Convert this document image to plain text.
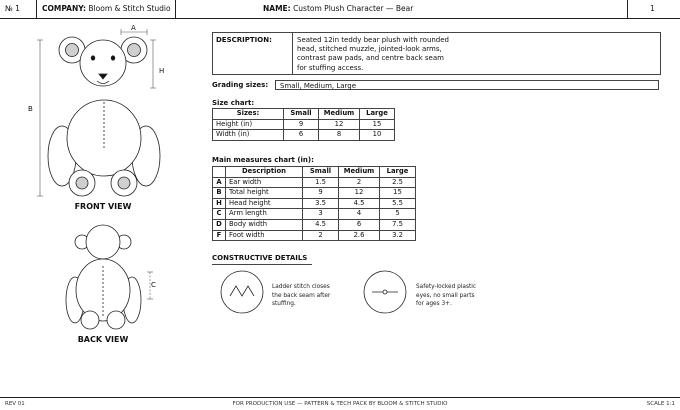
№ 1	COMPANY: Bloom & Stitch Studio	NAME: Custom Plush Character — Bear	1
A
B
H
C
FRONT VIEW
BACK VIEW
DESCRIPTION:	Seated 12in teddy bear plush with rounded
head, stitched muzzle, jointed-look arms,
contrast paw pads, and centre back seam
for stuffing access.
Grading sizes:	Small, Medium, Large
Size chart:
Sizes:	Small	Medium	Large
Height (in)	9	12	15
Width (in)	6	8	10
Main measures chart (in):
	Description	Small	Medium	Large
A	Ear width	1.5	2	2.5
B	Total height	9	12	15
H	Head height	3.5	4.5	5.5
C	Arm length	3	4	5
D	Body width	4.5	6	7.5
F	Foot width	2	2.6	3.2
CONSTRUCTIVE DETAILS
Ladder stitch closes
the back seam after
stuffing.
Safety-locked plastic
eyes, no small parts
for ages 3+.
REV 01	FOR PRODUCTION USE — PATTERN & TECH PACK BY BLOOM & STITCH STUDIO	SCALE 1:1
